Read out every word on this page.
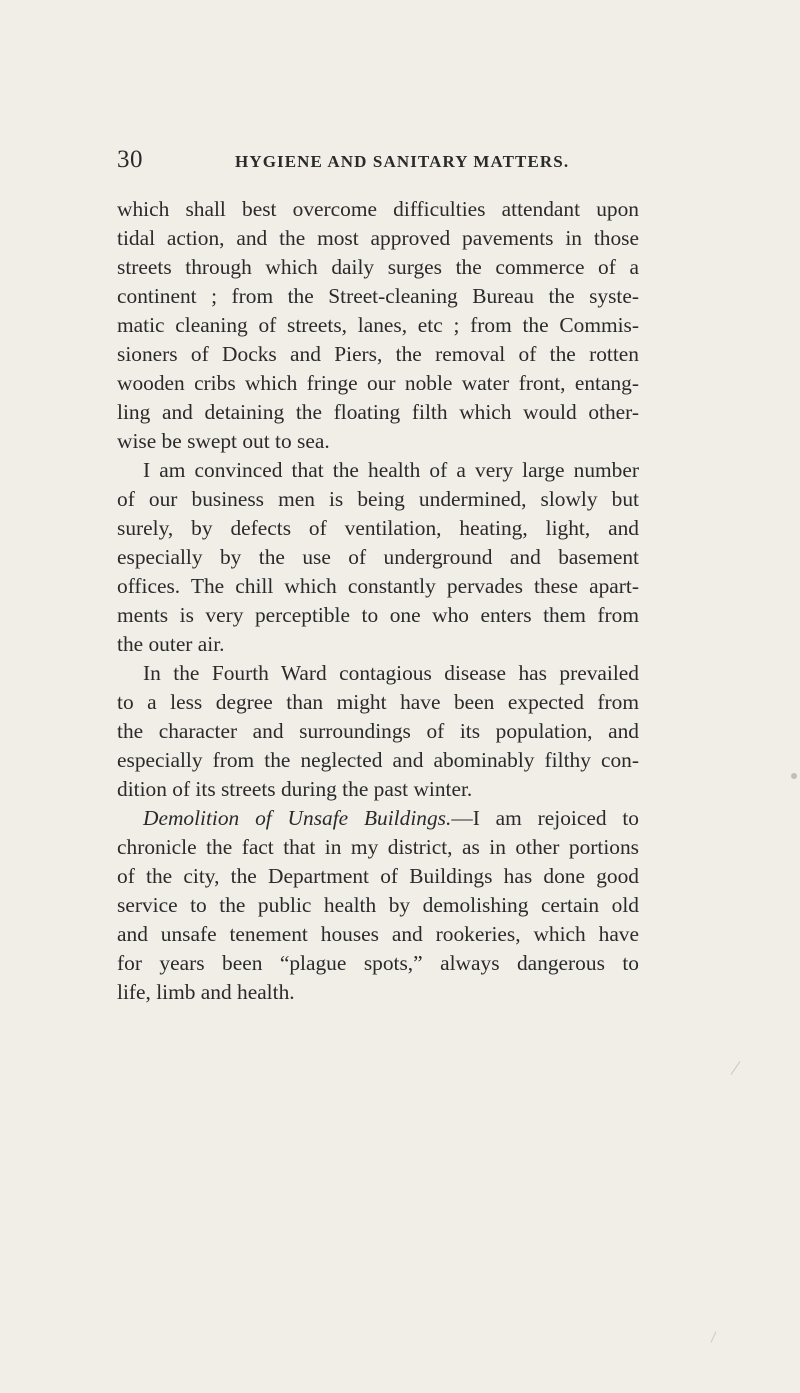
30	HYGIENE AND SANITARY MATTERS.
which shall best overcome difficulties attendant upon
tidal action, and the most approved pavements in those
streets through which daily surges the commerce of a
continent ; from the Street-cleaning Bureau the syste-
matic cleaning of streets, lanes, etc ; from the Commis-
sioners of Docks and Piers, the removal of the rotten
wooden cribs which fringe our noble water front, entang-
ling and detaining the floating filth which would other-
wise be swept out to sea.
I am convinced that the health of a very large number
of our business men is being undermined, slowly but
surely, by defects of ventilation, heating, light, and
especially by the use of underground and basement
offices. The chill which constantly pervades these apart-
ments is very perceptible to one who enters them from
the outer air.
In the Fourth Ward contagious disease has prevailed
to a less degree than might have been expected from
the character and surroundings of its population, and
especially from the neglected and abominably filthy con-
dition of its streets during the past winter.
Demolition of Unsafe Buildings.—I am rejoiced to
chronicle the fact that in my district, as in other portions
of the city, the Department of Buildings has done good
service to the public health by demolishing certain old
and unsafe tenement houses and rookeries, which have
for years been “plague spots,” always dangerous to
life, limb and health.
